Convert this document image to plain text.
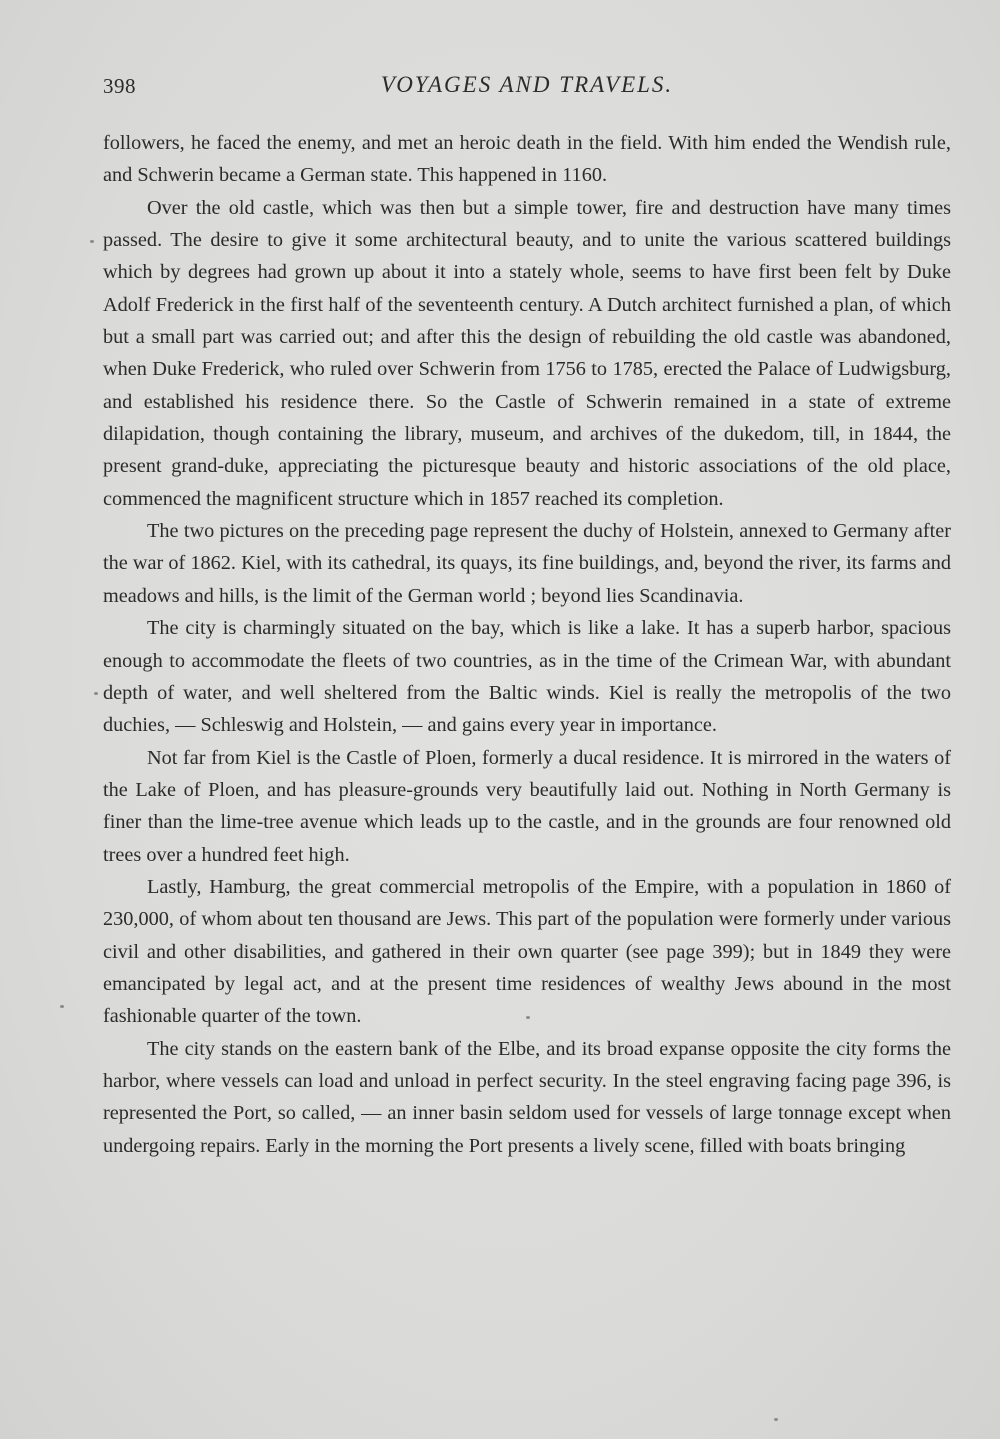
398	VOYAGES AND TRAVELS.

followers, he faced the enemy, and met an heroic death in the field. With him ended the Wendish rule, and Schwerin became a German state. This happened in 1160.

Over the old castle, which was then but a simple tower, fire and destruction have many times passed. The desire to give it some architectural beauty, and to unite the various scattered buildings which by degrees had grown up about it into a stately whole, seems to have first been felt by Duke Adolf Frederick in the first half of the seventeenth century. A Dutch architect furnished a plan, of which but a small part was carried out; and after this the design of rebuilding the old castle was abandoned, when Duke Frederick, who ruled over Schwerin from 1756 to 1785, erected the Palace of Ludwigsburg, and established his residence there. So the Castle of Schwerin remained in a state of extreme dilapidation, though containing the library, museum, and archives of the dukedom, till, in 1844, the present grand-duke, appreciating the picturesque beauty and historic associations of the old place, commenced the magnificent structure which in 1857 reached its completion.

The two pictures on the preceding page represent the duchy of Holstein, annexed to Germany after the war of 1862. Kiel, with its cathedral, its quays, its fine buildings, and, beyond the river, its farms and meadows and hills, is the limit of the German world ; beyond lies Scandinavia.

The city is charmingly situated on the bay, which is like a lake. It has a superb harbor, spacious enough to accommodate the fleets of two countries, as in the time of the Crimean War, with abundant depth of water, and well sheltered from the Baltic winds. Kiel is really the metropolis of the two duchies, — Schleswig and Holstein, — and gains every year in importance.

Not far from Kiel is the Castle of Ploen, formerly a ducal residence. It is mirrored in the waters of the Lake of Ploen, and has pleasure-grounds very beautifully laid out. Nothing in North Germany is finer than the lime-tree avenue which leads up to the castle, and in the grounds are four renowned old trees over a hundred feet high.

Lastly, Hamburg, the great commercial metropolis of the Empire, with a population in 1860 of 230,000, of whom about ten thousand are Jews. This part of the population were formerly under various civil and other disabilities, and gathered in their own quarter (see page 399); but in 1849 they were emancipated by legal act, and at the present time residences of wealthy Jews abound in the most fashionable quarter of the town.

The city stands on the eastern bank of the Elbe, and its broad expanse opposite the city forms the harbor, where vessels can load and unload in perfect security. In the steel engraving facing page 396, is represented the Port, so called, — an inner basin seldom used for vessels of large tonnage except when undergoing repairs. Early in the morning the Port presents a lively scene, filled with boats bringing
